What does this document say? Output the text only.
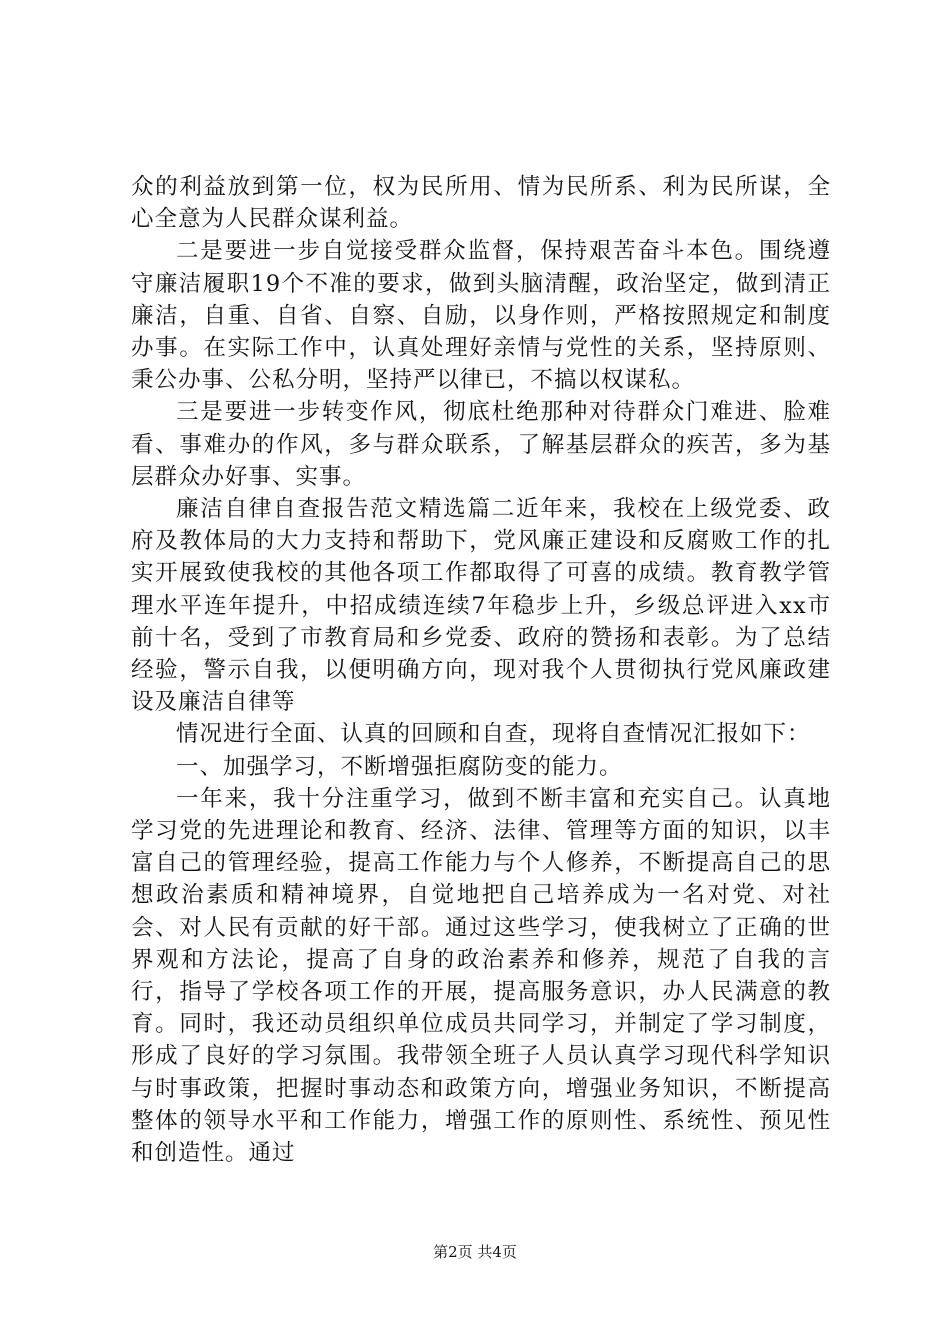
众的利益放到第一位，权为民所用、情为民所系、利为民所谋，全心全意为人民群众谋利益。

二是要进一步自觉接受群众监督，保持艰苦奋斗本色。围绕遵守廉洁履职19个不准的要求，做到头脑清醒，政治坚定，做到清正廉洁，自重、自省、自察、自励，以身作则，严格按照规定和制度办事。在实际工作中，认真处理好亲情与党性的关系，坚持原则、秉公办事、公私分明，坚持严以律已，不搞以权谋私。

三是要进一步转变作风，彻底杜绝那种对待群众门难进、脸难看、事难办的作风，多与群众联系，了解基层群众的疾苦，多为基层群众办好事、实事。

廉洁自律自查报告范文精选篇二近年来，我校在上级党委、政府及教体局的大力支持和帮助下，党风廉正建设和反腐败工作的扎实开展致使我校的其他各项工作都取得了可喜的成绩。教育教学管理水平连年提升，中招成绩连续7年稳步上升，乡级总评进入xx市前十名，受到了市教育局和乡党委、政府的赞扬和表彰。为了总结经验，警示自我，以便明确方向，现对我个人贯彻执行党风廉政建设及廉洁自律等

情况进行全面、认真的回顾和自查，现将自查情况汇报如下：

一、加强学习，不断增强拒腐防变的能力。

一年来，我十分注重学习，做到不断丰富和充实自己。认真地学习党的先进理论和教育、经济、法律、管理等方面的知识，以丰富自己的管理经验，提高工作能力与个人修养，不断提高自己的思想政治素质和精神境界，自觉地把自己培养成为一名对党、对社会、对人民有贡献的好干部。通过这些学习，使我树立了正确的世界观和方法论，提高了自身的政治素养和修养，规范了自我的言行，指导了学校各项工作的开展，提高服务意识，办人民满意的教育。同时，我还动员组织单位成员共同学习，并制定了学习制度，形成了良好的学习氛围。我带领全班子人员认真学习现代科学知识与时事政策，把握时事动态和政策方向，增强业务知识，不断提高整体的领导水平和工作能力，增强工作的原则性、系统性、预见性和创造性。通过

第2页 共4页
